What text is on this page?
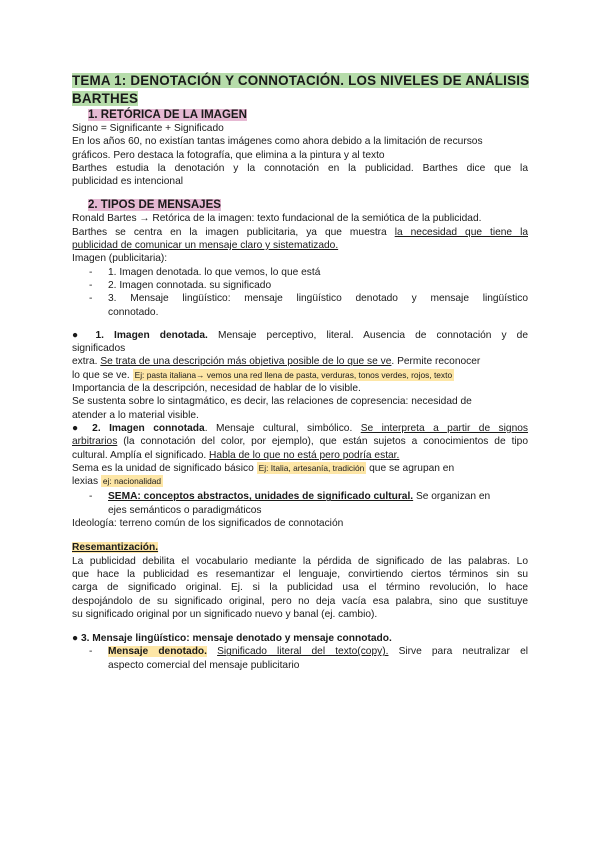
TEMA 1: DENOTACIÓN Y CONNOTACIÓN. LOS NIVELES DE ANÁLISIS
BARTHES
1. RETÓRICA DE LA IMAGEN
Signo = Significante + Significado
En los años 60, no existían tantas imágenes como ahora debido a la limitación de recursos
gráficos. Pero destaca la fotografía, que elimina a la pintura y al texto
Barthes estudia la denotación y la connotación en la publicidad. Barthes dice que la
publicidad es intencional
2. TIPOS DE MENSAJES
Ronald Bartes → Retórica de la imagen: texto fundacional de la semiótica de la publicidad.
Barthes se centra en la imagen publicitaria, ya que muestra la necesidad que tiene la
publicidad de comunicar un mensaje claro y sistematizado.
Imagen (publicitaria):
- 1. Imagen denotada. lo que vemos, lo que está
- 2. Imagen connotada. su significado
- 3. Mensaje lingüístico: mensaje lingüístico denotado y mensaje lingüístico
connotado.
● 1. Imagen denotada. Mensaje perceptivo, literal. Ausencia de connotación y de
significados
extra. Se trata de una descripción más objetiva posible de lo que se ve. Permite reconocer
lo que se ve. Ej: pasta italiana→ vemos una red llena de pasta, verduras, tonos verdes, rojos, texto
Importancia de la descripción, necesidad de hablar de lo visible.
Se sustenta sobre lo sintagmático, es decir, las relaciones de copresencia: necesidad de
atender a lo material visible.
● 2. Imagen connotada. Mensaje cultural, simbólico. Se interpreta a partir de signos
arbitrarios (la connotación del color, por ejemplo), que están sujetos a conocimientos de tipo
cultural. Amplía el significado. Habla de lo que no está pero podría estar.
Sema es la unidad de significado básico Ej: Italia, artesanía, tradición que se agrupan en
lexias ej: nacionalidad
- SEMA: conceptos abstractos, unidades de significado cultural. Se organizan en
ejes semánticos o paradigmáticos
Ideología: terreno común de los significados de connotación
Resemantización.
La publicidad debilita el vocabulario mediante la pérdida de significado de las palabras. Lo
que hace la publicidad es resemantizar el lenguaje, convirtiendo ciertos términos sin su
carga de significado original. Ej. si la publicidad usa el término revolución, lo hace
despojándolo de su significado original, pero no deja vacía esa palabra, sino que sustituye
su significado original por un significado nuevo y banal (ej. cambio).
● 3. Mensaje lingüístico: mensaje denotado y mensaje connotado.
- Mensaje denotado. Significado literal del texto(copy). Sirve para neutralizar el
aspecto comercial del mensaje publicitario
